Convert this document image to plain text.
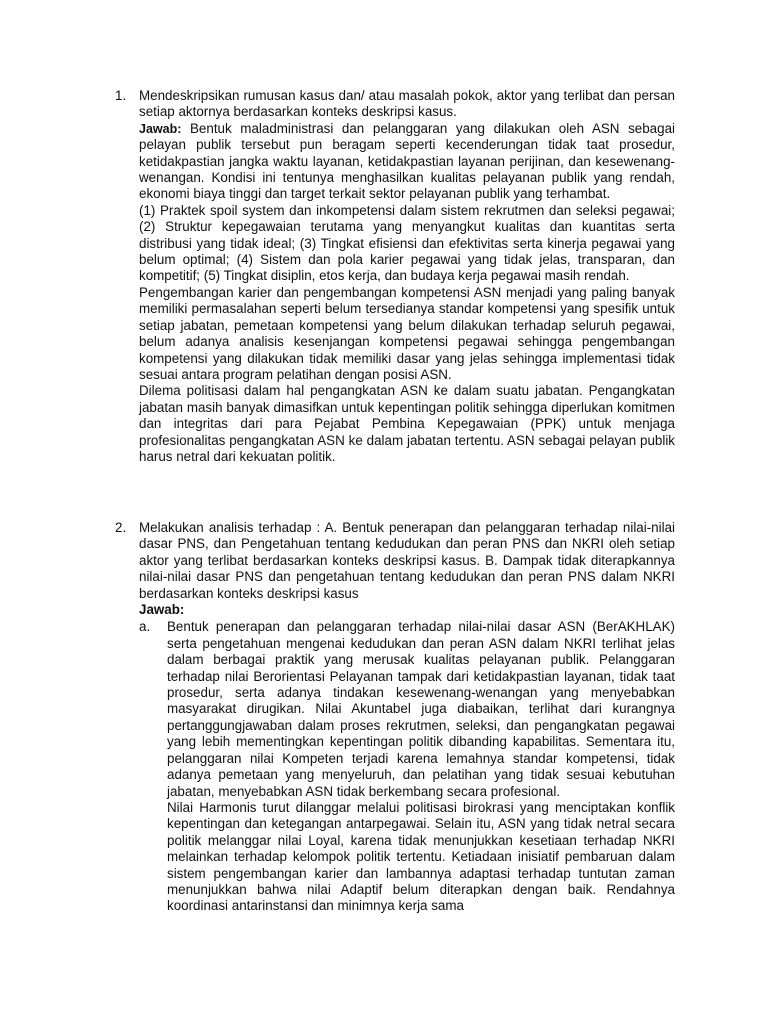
1. Mendeskripsikan rumusan kasus dan/ atau masalah pokok, aktor yang terlibat dan persan setiap aktornya berdasarkan konteks deskripsi kasus.

Jawab: Bentuk maladministrasi dan pelanggaran yang dilakukan oleh ASN sebagai pelayan publik tersebut pun beragam seperti kecenderungan tidak taat prosedur, ketidakpastian jangka waktu layanan, ketidakpastian layanan perijinan, dan kesewenang-wenangan. Kondisi ini tentunya menghasilkan kualitas pelayanan publik yang rendah, ekonomi biaya tinggi dan target terkait sektor pelayanan publik yang terhambat.

(1) Praktek spoil system dan inkompetensi dalam sistem rekrutmen dan seleksi pegawai; (2) Struktur kepegawaian terutama yang menyangkut kualitas dan kuantitas serta distribusi yang tidak ideal; (3) Tingkat efisiensi dan efektivitas serta kinerja pegawai yang belum optimal; (4) Sistem dan pola karier pegawai yang tidak jelas, transparan, dan kompetitif; (5) Tingkat disiplin, etos kerja, dan budaya kerja pegawai masih rendah.

Pengembangan karier dan pengembangan kompetensi ASN menjadi yang paling banyak memiliki permasalahan seperti belum tersedianya standar kompetensi yang spesifik untuk setiap jabatan, pemetaan kompetensi yang belum dilakukan terhadap seluruh pegawai, belum adanya analisis kesenjangan kompetensi pegawai sehingga pengembangan kompetensi yang dilakukan tidak memiliki dasar yang jelas sehingga implementasi tidak sesuai antara program pelatihan dengan posisi ASN.

Dilema politisasi dalam hal pengangkatan ASN ke dalam suatu jabatan. Pengangkatan jabatan masih banyak dimasifkan untuk kepentingan politik sehingga diperlukan komitmen dan integritas dari para Pejabat Pembina Kepegawaian (PPK) untuk menjaga profesionalitas pengangkatan ASN ke dalam jabatan tertentu. ASN sebagai pelayan publik harus netral dari kekuatan politik.

2. Melakukan analisis terhadap : A. Bentuk penerapan dan pelanggaran terhadap nilai-nilai dasar PNS, dan Pengetahuan tentang kedudukan dan peran PNS dan NKRI oleh setiap aktor yang terlibat berdasarkan konteks deskripsi kasus. B. Dampak tidak diterapkannya nilai-nilai dasar PNS dan pengetahuan tentang kedudukan dan peran PNS dalam NKRI berdasarkan konteks deskripsi kasus

Jawab:

a. Bentuk penerapan dan pelanggaran terhadap nilai-nilai dasar ASN (BerAKHLAK) serta pengetahuan mengenai kedudukan dan peran ASN dalam NKRI terlihat jelas dalam berbagai praktik yang merusak kualitas pelayanan publik. Pelanggaran terhadap nilai Berorientasi Pelayanan tampak dari ketidakpastian layanan, tidak taat prosedur, serta adanya tindakan kesewenang-wenangan yang menyebabkan masyarakat dirugikan. Nilai Akuntabel juga diabaikan, terlihat dari kurangnya pertanggungjawaban dalam proses rekrutmen, seleksi, dan pengangkatan pegawai yang lebih mementingkan kepentingan politik dibanding kapabilitas. Sementara itu, pelanggaran nilai Kompeten terjadi karena lemahnya standar kompetensi, tidak adanya pemetaan yang menyeluruh, dan pelatihan yang tidak sesuai kebutuhan jabatan, menyebabkan ASN tidak berkembang secara profesional.

Nilai Harmonis turut dilanggar melalui politisasi birokrasi yang menciptakan konflik kepentingan dan ketegangan antarpegawai. Selain itu, ASN yang tidak netral secara politik melanggar nilai Loyal, karena tidak menunjukkan kesetiaan terhadap NKRI melainkan terhadap kelompok politik tertentu. Ketiadaan inisiatif pembaruan dalam sistem pengembangan karier dan lambannya adaptasi terhadap tuntutan zaman menunjukkan bahwa nilai Adaptif belum diterapkan dengan baik. Rendahnya koordinasi antarinstansi dan minimnya kerja sama
